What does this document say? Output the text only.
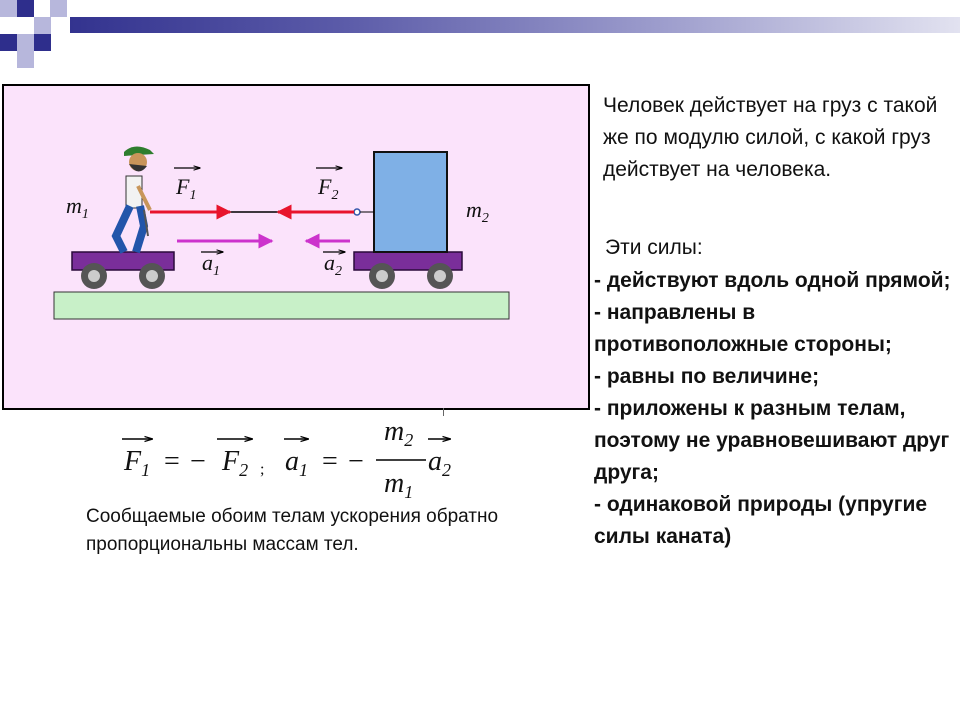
$m_1$	$m_2$
$F_1$	$F_2$
$a_1$	$a_2$

Человек действует на груз с такой же по модулю силой, с какой груз действует на человека.

Эти силы:
- действуют вдоль одной прямой;
- направлены в противоположные стороны;
- равны по величине;
- приложены к разным телам, поэтому не уравновешивают друг друга;
- одинаковой природы (упругие силы каната)
$F_1$ = − $F_2$ ; $a_1$ = −
$m_2$
$m_1$
$a_2$

Сообщаемые обоим телам ускорения обратно пропорциональны массам тел.
